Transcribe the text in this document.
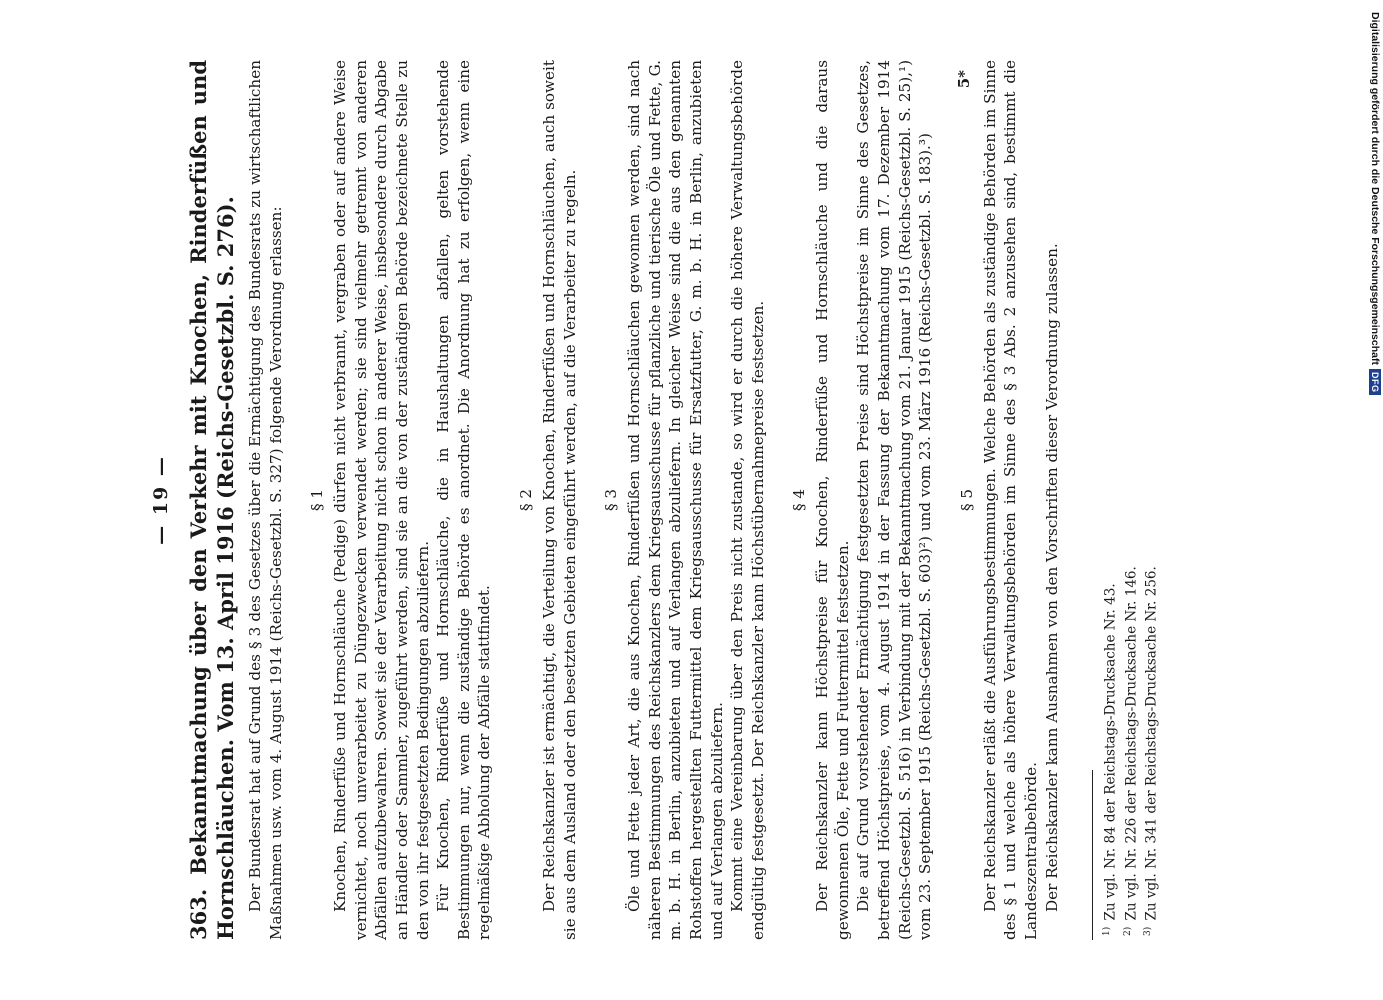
— 19 —
363. Bekanntmachung über den Verkehr mit Knochen, Rinderfüßen und Hornschläuchen. Vom 13. April 1916 (Reichs-Gesetzbl. S. 276). Der Bundesrat hat auf Grund des § 3 des Gesetzes über die Ermächtigung des Bundesrats zu wirtschaftlichen Maßnahmen usw. vom 4. August 1914 (Reichs-Gesetzbl. S. 327) folgende Verordnung erlassen: § 1 Knochen, Rinderfüße und Hornschläuche (Pedige) dürfen nicht verbrannt, vergraben oder auf andere Weise vernichtet, noch unverarbeitet zu Düngezwecken verwendet werden; sie sind vielmehr getrennt von anderen Abfällen aufzubewahren. Soweit sie der Verarbeitung nicht schon in anderer Weise, insbesondere durch Abgabe an Händler oder Sammler, zugeführt werden, sind sie an die von der zuständigen Behörde bezeichnete Stelle zu den von ihr festgesetzten Bedingungen abzuliefern. Für Knochen, Rinderfüße und Hornschläuche, die in Haushaltungen abfallen, gelten vorstehende Bestimmungen nur, wenn die zuständige Behörde es anordnet. Die Anordnung hat zu erfolgen, wenn eine regelmäßige Abholung der Abfälle stattfindet.

§ 2 Der Reichskanzler ist ermächtigt, die Verteilung von Knochen, Rinderfüßen und Hornschläuchen, auch soweit sie aus dem Ausland oder den besetzten Gebieten eingeführt werden, auf die Verarbeiter zu regeln. § 3 Öle und Fette jeder Art, die aus Knochen, Rinderfüßen und Hornschläuchen gewonnen werden, sind nach näheren Bestimmungen des Reichskanzlers dem Kriegsausschusse für pflanzliche und tierische Öle und Fette, G. m. b. H. in Berlin, anzubieten und auf Verlangen abzuliefern. In gleicher Weise sind die aus den genannten Rohstoffen hergestellten Futtermittel dem Kriegsausschusse für Ersatzfutter, G. m. b. H. in Berlin, anzubieten und auf Verlangen abzuliefern. Kommt eine Vereinbarung über den Preis nicht zustande, so wird er durch die höhere Verwaltungsbehörde endgültig festgesetzt. Der Reichskanzler kann Höchstübernahmepreise festsetzen. § 4 Der Reichskanzler kann Höchstpreise für Knochen, Rinderfüße und Hornschläuche und die daraus gewonnenen Öle, Fette und Futtermittel festsetzen. Die auf Grund vorstehender Ermächtigung festgesetzten Preise sind Höchstpreise im Sinne des Gesetzes, betreffend Höchstpreise, vom 4. August 1914 in der Fassung der Bekanntmachung vom 17. Dezember 1914 (Reichs-Gesetzbl. S. 516) in Verbindung mit der Bekanntmachung vom 21. Januar 1915 (Reichs-Gesetzbl. S. 25),¹) vom 23. September 1915 (Reichs-Gesetzbl. S. 603)²) und vom 23. März 1916 (Reichs-Gesetzbl. S. 183).³) § 5 Der Reichskanzler erläßt die Ausführungsbestimmungen. Welche Behörden als zuständige Behörden im Sinne des § 1 und welche als höhere Verwaltungsbehörden im Sinne des § 3 Abs. 2 anzusehen sind, bestimmt die Landeszentralbehörde. Der Reichskanzler kann Ausnahmen von den Vorschriften dieser Verordnung zulassen.

$^{1)}$ Zu vgl. Nr. 84 der Reichstags-Drucksache Nr. 43.
$^{2)}$ Zu vgl. Nr. 226 der Reichstags-Drucksache Nr. 146.
$^{3)}$ Zu vgl. Nr. 341 der Reichstags-Drucksache Nr. 256.
5*	Digitalisierung gefördert durch die Deutsche Forschungsgemeinschaft
DFG
